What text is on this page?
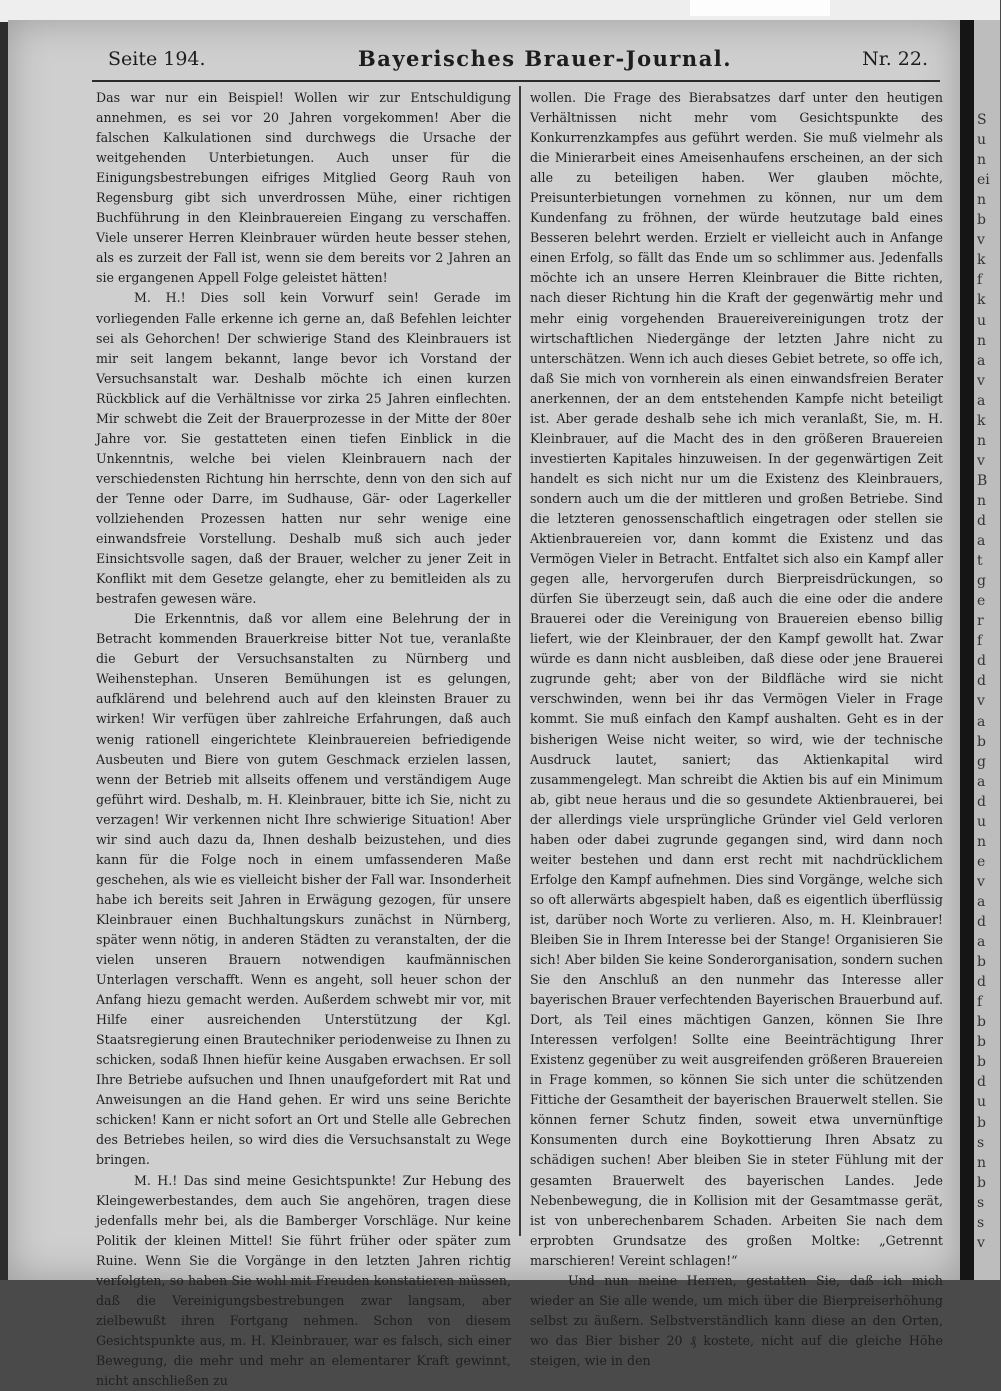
Seite 194.	Bayerisches Brauer-Journal.	Nr. 22.

Das war nur ein Beispiel! Wollen wir zur Entschuldigung annehmen, es sei vor 20 Jahren vorgekommen! Aber die falschen Kalkulationen sind durchwegs die Ursache der weitgehenden Unterbietungen. Auch unser für die Einigungsbestrebungen eifriges Mitglied Georg Rauh von Regensburg gibt sich unverdrossen Mühe, einer richtigen Buchführung in den Kleinbrauereien Eingang zu verschaffen. Viele unserer Herren Kleinbrauer würden heute besser stehen, als es zurzeit der Fall ist, wenn sie dem bereits vor 2 Jahren an sie ergangenen Appell Folge geleistet hätten!

M. H.! Dies soll kein Vorwurf sein! Gerade im vorliegenden Falle erkenne ich gerne an, daß Befehlen leichter sei als Gehorchen! Der schwierige Stand des Kleinbrauers ist mir seit langem bekannt, lange bevor ich Vorstand der Versuchsanstalt war. Deshalb möchte ich einen kurzen Rückblick auf die Verhältnisse vor zirka 25 Jahren einflechten. Mir schwebt die Zeit der Brauerprozesse in der Mitte der 80er Jahre vor. Sie gestatteten einen tiefen Einblick in die Unkenntnis, welche bei vielen Kleinbrauern nach der verschiedensten Richtung hin herrschte, denn von den sich auf der Tenne oder Darre, im Sudhause, Gär- oder Lagerkeller vollziehenden Prozessen hatten nur sehr wenige eine einwandsfreie Vorstellung. Deshalb muß sich auch jeder Einsichtsvolle sagen, daß der Brauer, welcher zu jener Zeit in Konflikt mit dem Gesetze gelangte, eher zu bemitleiden als zu bestrafen gewesen wäre.

Die Erkenntnis, daß vor allem eine Belehrung der in Betracht kommenden Brauerkreise bitter Not tue, veranlaßte die Geburt der Versuchsanstalten zu Nürnberg und Weihenstephan. Unseren Bemühungen ist es gelungen, aufklärend und belehrend auch auf den kleinsten Brauer zu wirken! Wir verfügen über zahlreiche Erfahrungen, daß auch wenig rationell eingerichtete Kleinbrauereien befriedigende Ausbeuten und Biere von gutem Geschmack erzielen lassen, wenn der Betrieb mit allseits offenem und verständigem Auge geführt wird. Deshalb, m. H. Kleinbrauer, bitte ich Sie, nicht zu verzagen! Wir verkennen nicht Ihre schwierige Situation! Aber wir sind auch dazu da, Ihnen deshalb beizustehen, und dies kann für die Folge noch in einem umfassenderen Maße geschehen, als wie es vielleicht bisher der Fall war. Insonderheit habe ich bereits seit Jahren in Erwägung gezogen, für unsere Kleinbrauer einen Buchhaltungskurs zunächst in Nürnberg, später wenn nötig, in anderen Städten zu veranstalten, der die vielen unseren Brauern notwendigen kaufmännischen Unterlagen verschafft. Wenn es angeht, soll heuer schon der Anfang hiezu gemacht werden. Außerdem schwebt mir vor, mit Hilfe einer ausreichenden Unterstützung der Kgl. Staatsregierung einen Brautechniker periodenweise zu Ihnen zu schicken, sodaß Ihnen hiefür keine Ausgaben erwachsen. Er soll Ihre Betriebe aufsuchen und Ihnen unaufgefordert mit Rat und Anweisungen an die Hand gehen. Er wird uns seine Berichte schicken! Kann er nicht sofort an Ort und Stelle alle Gebrechen des Betriebes heilen, so wird dies die Versuchsanstalt zu Wege bringen.

M. H.! Das sind meine Gesichtspunkte! Zur Hebung des Kleingewerbestandes, dem auch Sie angehören, tragen diese jedenfalls mehr bei, als die Bamberger Vorschläge. Nur keine Politik der kleinen Mittel! Sie führt früher oder später zum Ruine. Wenn Sie die Vorgänge in den letzten Jahren richtig verfolgten, so haben Sie wohl mit Freuden konstatieren müssen, daß die Vereinigungsbestrebungen zwar langsam, aber zielbewußt ihren Fortgang nehmen. Schon von diesem Gesichtspunkte aus, m. H. Kleinbrauer, war es falsch, sich einer Bewegung, die mehr und mehr an elementarer Kraft gewinnt, nicht anschließen zu

wollen. Die Frage des Bierabsatzes darf unter den heutigen Verhältnissen nicht mehr vom Gesichtspunkte des Konkurrenzkampfes aus geführt werden. Sie muß vielmehr als die Minierarbeit eines Ameisenhaufens erscheinen, an der sich alle zu beteiligen haben. Wer glauben möchte, Preisunterbietungen vornehmen zu können, nur um dem Kundenfang zu fröhnen, der würde heutzutage bald eines Besseren belehrt werden. Erzielt er vielleicht auch in Anfange einen Erfolg, so fällt das Ende um so schlimmer aus. Jedenfalls möchte ich an unsere Herren Kleinbrauer die Bitte richten, nach dieser Richtung hin die Kraft der gegenwärtig mehr und mehr einig vorgehenden Brauereivereinigungen trotz der wirtschaftlichen Niedergänge der letzten Jahre nicht zu unterschätzen. Wenn ich auch dieses Gebiet betrete, so offe ich, daß Sie mich von vornherein als einen einwandsfreien Berater anerkennen, der an dem entstehenden Kampfe nicht beteiligt ist. Aber gerade deshalb sehe ich mich veranlaßt, Sie, m. H. Kleinbrauer, auf die Macht des in den größeren Brauereien investierten Kapitales hinzuweisen. In der gegenwärtigen Zeit handelt es sich nicht nur um die Existenz des Kleinbrauers, sondern auch um die der mittleren und großen Betriebe. Sind die letzteren genossenschaftlich eingetragen oder stellen sie Aktienbrauereien vor, dann kommt die Existenz und das Vermögen Vieler in Betracht. Entfaltet sich also ein Kampf aller gegen alle, hervorgerufen durch Bierpreisdrückungen, so dürfen Sie überzeugt sein, daß auch die eine oder die andere Brauerei oder die Vereinigung von Brauereien ebenso billig liefert, wie der Kleinbrauer, der den Kampf gewollt hat. Zwar würde es dann nicht ausbleiben, daß diese oder jene Brauerei zugrunde geht; aber von der Bildfläche wird sie nicht verschwinden, wenn bei ihr das Vermögen Vieler in Frage kommt. Sie muß einfach den Kampf aushalten. Geht es in der bisherigen Weise nicht weiter, so wird, wie der technische Ausdruck lautet, saniert; das Aktienkapital wird zusammengelegt. Man schreibt die Aktien bis auf ein Minimum ab, gibt neue heraus und die so gesundete Aktienbrauerei, bei der allerdings viele ursprüngliche Gründer viel Geld verloren haben oder dabei zugrunde gegangen sind, wird dann noch weiter bestehen und dann erst recht mit nachdrücklichem Erfolge den Kampf aufnehmen. Dies sind Vorgänge, welche sich so oft allerwärts abgespielt haben, daß es eigentlich überflüssig ist, darüber noch Worte zu verlieren. Also, m. H. Kleinbrauer! Bleiben Sie in Ihrem Interesse bei der Stange! Organisieren Sie sich! Aber bilden Sie keine Sonderorganisation, sondern suchen Sie den Anschluß an den nunmehr das Interesse aller bayerischen Brauer verfechtenden Bayerischen Brauerbund auf. Dort, als Teil eines mächtigen Ganzen, können Sie Ihre Interessen verfolgen! Sollte eine Beeinträchtigung Ihrer Existenz gegenüber zu weit ausgreifenden größeren Brauereien in Frage kommen, so können Sie sich unter die schützenden Fittiche der Gesamtheit der bayerischen Brauerwelt stellen. Sie können ferner Schutz finden, soweit etwa unvernünftige Konsumenten durch eine Boykottierung Ihren Absatz zu schädigen suchen! Aber bleiben Sie in steter Fühlung mit der gesamten Brauerwelt des bayerischen Landes. Jede Nebenbewegung, die in Kollision mit der Gesamtmasse gerät, ist von unberechenbarem Schaden. Arbeiten Sie nach dem erprobten Grundsatze des großen Moltke: „Getrennt marschieren! Vereint schlagen!“

Und nun meine Herren, gestatten Sie, daß ich mich wieder an Sie alle wende, um mich über die Bierpreiserhöhung selbst zu äußern. Selbstverständlich kann diese an den Orten, wo das Bier bisher 20 ₰ kostete, nicht auf die gleiche Höhe steigen, wie in den

S
u
n
ei
n
b
v
k
f
k
u
n
a
v
a
k
n
v
B
n
d
a
t
g
e
r
f
d
d
v
a
b
g
a
d
u
n
e
v
a
d
a
b
d
f
b
b
b
d
u
b
s
n
b
s
s
v
